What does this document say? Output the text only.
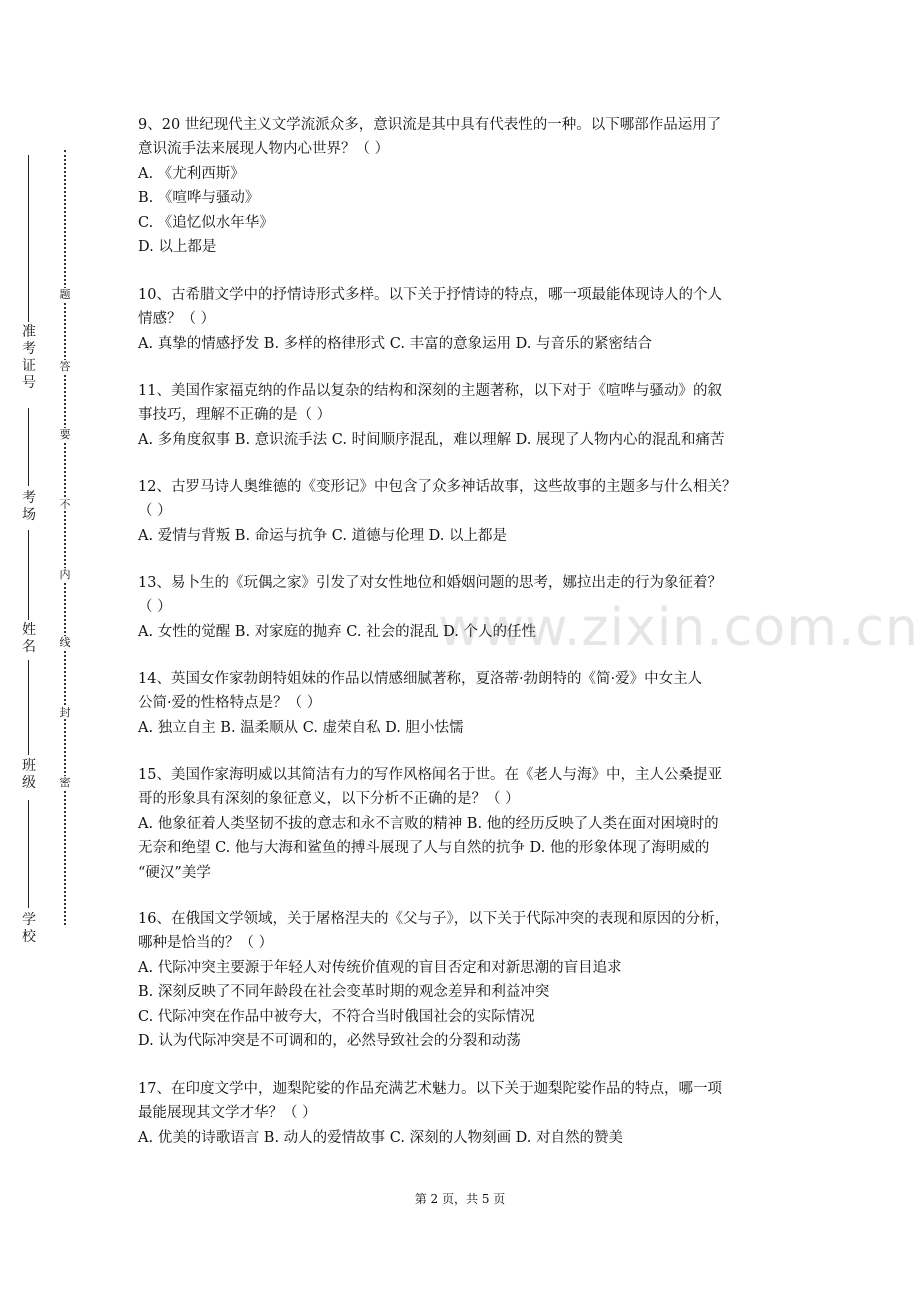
www.zixin.com.cn
准考证号
考场
姓名
班级
学校
题
答
要
不
内
线
封
密

9、20 世纪现代主义文学流派众多，意识流是其中具有代表性的一种。以下哪部作品运用了

意识流手法来展现人物内心世界？（ ）

A. 《尤利西斯》

B. 《喧哗与骚动》

C. 《追忆似水年华》

D. 以上都是

10、古希腊文学中的抒情诗形式多样。以下关于抒情诗的特点，哪一项最能体现诗人的个人

情感？（ ）

A. 真挚的情感抒发 B. 多样的格律形式 C. 丰富的意象运用 D. 与音乐的紧密结合

11、美国作家福克纳的作品以复杂的结构和深刻的主题著称，以下对于《喧哗与骚动》的叙

事技巧，理解不正确的是（ ）

A. 多角度叙事 B. 意识流手法 C. 时间顺序混乱，难以理解 D. 展现了人物内心的混乱和痛苦

12、古罗马诗人奥维德的《变形记》中包含了众多神话故事，这些故事的主题多与什么相关？

（ ）

A. 爱情与背叛 B. 命运与抗争 C. 道德与伦理 D. 以上都是

13、易卜生的《玩偶之家》引发了对女性地位和婚姻问题的思考，娜拉出走的行为象征着？

（ ）

A. 女性的觉醒 B. 对家庭的抛弃 C. 社会的混乱 D. 个人的任性

14、英国女作家勃朗特姐妹的作品以情感细腻著称，夏洛蒂·勃朗特的《简·爱》中女主人

公简·爱的性格特点是？（ ）

A. 独立自主 B. 温柔顺从 C. 虚荣自私 D. 胆小怯懦

15、美国作家海明威以其简洁有力的写作风格闻名于世。在《老人与海》中，主人公桑提亚

哥的形象具有深刻的象征意义，以下分析不正确的是？（ ）

A. 他象征着人类坚韧不拔的意志和永不言败的精神 B. 他的经历反映了人类在面对困境时的

无奈和绝望 C. 他与大海和鲨鱼的搏斗展现了人与自然的抗争 D. 他的形象体现了海明威的

“硬汉”美学

16、在俄国文学领域，关于屠格涅夫的《父与子》，以下关于代际冲突的表现和原因的分析，

哪种是恰当的？（ ）

A. 代际冲突主要源于年轻人对传统价值观的盲目否定和对新思潮的盲目追求

B. 深刻反映了不同年龄段在社会变革时期的观念差异和利益冲突

C. 代际冲突在作品中被夸大，不符合当时俄国社会的实际情况

D. 认为代际冲突是不可调和的，必然导致社会的分裂和动荡

17、在印度文学中，迦梨陀娑的作品充满艺术魅力。以下关于迦梨陀娑作品的特点，哪一项

最能展现其文学才华？（ ）

A. 优美的诗歌语言 B. 动人的爱情故事 C. 深刻的人物刻画 D. 对自然的赞美

第 2 页，共 5 页
